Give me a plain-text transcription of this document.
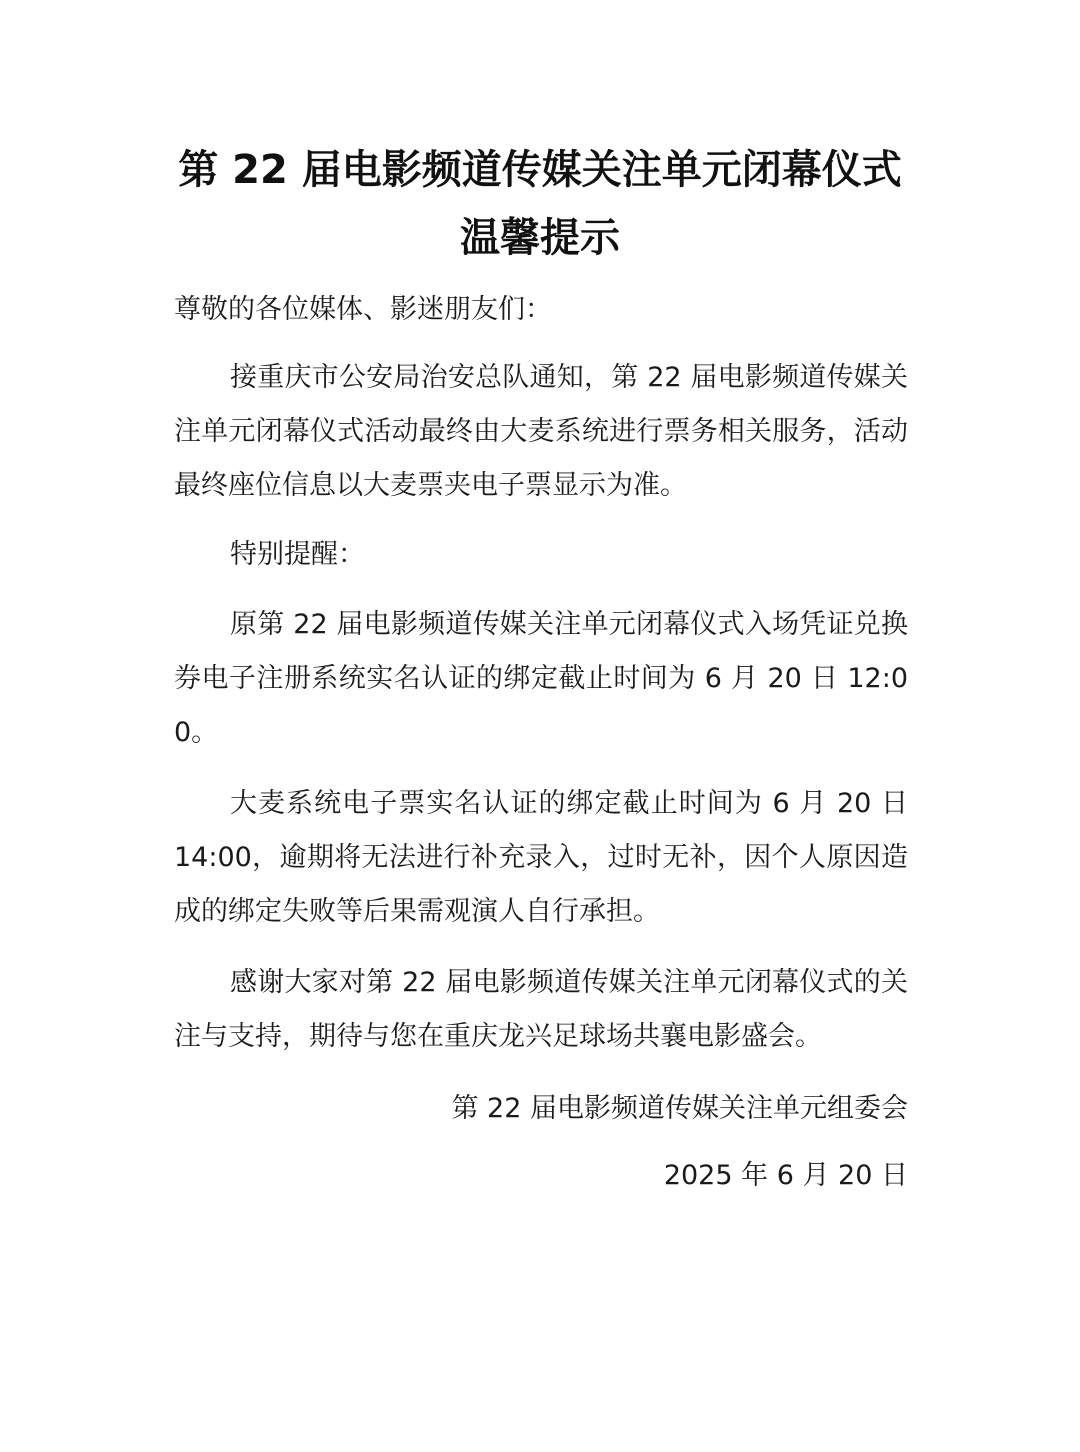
第 22 届电影频道传媒关注单元闭幕仪式
温馨提示

尊敬的各位媒体、影迷朋友们：

接重庆市公安局治安总队通知，第 22 届电影频道传媒关注单元闭幕仪式活动最终由大麦系统进行票务相关服务，活动最终座位信息以大麦票夹电子票显示为准。

特别提醒：

原第 22 届电影频道传媒关注单元闭幕仪式入场凭证兑换券电子注册系统实名认证的绑定截止时间为 6 月 20 日 12:00。

大麦系统电子票实名认证的绑定截止时间为 6 月 20 日 14:00，逾期将无法进行补充录入，过时无补，因个人原因造成的绑定失败等后果需观演人自行承担。

感谢大家对第 22 届电影频道传媒关注单元闭幕仪式的关注与支持，期待与您在重庆龙兴足球场共襄电影盛会。

第 22 届电影频道传媒关注单元组委会

2025 年 6 月 20 日
